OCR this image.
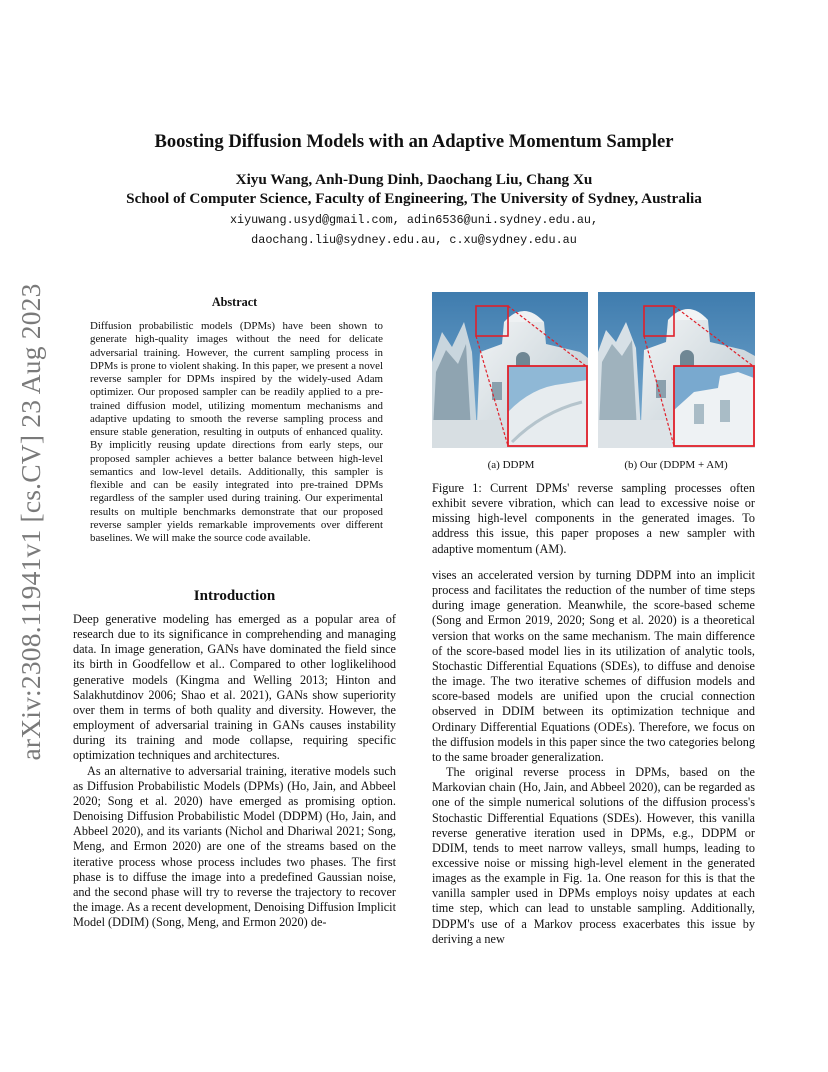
arXiv:2308.11941v1 [cs.CV] 23 Aug 2023
Boosting Diffusion Models with an Adaptive Momentum Sampler
Xiyu Wang, Anh-Dung Dinh, Daochang Liu, Chang Xu
School of Computer Science, Faculty of Engineering, The University of Sydney, Australia
xiyuwang.usyd@gmail.com, adin6536@uni.sydney.edu.au,
daochang.liu@sydney.edu.au, c.xu@sydney.edu.au
Abstract
Diffusion probabilistic models (DPMs) have been shown to generate high-quality images without the need for delicate adversarial training. However, the current sampling process in DPMs is prone to violent shaking. In this paper, we present a novel reverse sampler for DPMs inspired by the widely-used Adam optimizer. Our proposed sampler can be readily applied to a pre-trained diffusion model, utilizing momentum mechanisms and adaptive updating to smooth the reverse sampling process and ensure stable generation, resulting in outputs of enhanced quality. By implicitly reusing update directions from early steps, our proposed sampler achieves a better balance between high-level semantics and low-level details. Additionally, this sampler is flexible and can be easily integrated into pre-trained DPMs regardless of the sampler used during training. Our experimental results on multiple benchmarks demonstrate that our proposed reverse sampler yields remarkable improvements over different baselines. We will make the source code available.
Introduction

Deep generative modeling has emerged as a popular area of research due to its significance in comprehending and managing data. In image generation, GANs have dominated the field since its birth in Goodfellow et al.. Compared to other loglikelihood generative models (Kingma and Welling 2013; Hinton and Salakhutdinov 2006; Shao et al. 2021), GANs show superiority over them in terms of both quality and diversity. However, the employment of adversarial training in GANs causes instability during its training and mode collapse, requiring specific optimization techniques and architectures.

As an alternative to adversarial training, iterative models such as Diffusion Probabilistic Models (DPMs) (Ho, Jain, and Abbeel 2020; Song et al. 2020) have emerged as promising option. Denoising Diffusion Probabilistic Model (DDPM) (Ho, Jain, and Abbeel 2020), and its variants (Nichol and Dhariwal 2021; Song, Meng, and Ermon 2020) are one of the streams based on the iterative process whose process includes two phases. The first phase is to diffuse the image into a predefined Gaussian noise, and the second phase will try to reverse the trajectory to recover the image. As a recent development, Denoising Diffusion Implicit Model (DDIM) (Song, Meng, and Ermon 2020) de-

(a) DDPM	(b) Our (DDPM + AM)
Figure 1: Current DPMs' reverse sampling processes often exhibit severe vibration, which can lead to excessive noise or missing high-level components in the generated images. To address this issue, this paper proposes a new sampler with adaptive momentum (AM).

vises an accelerated version by turning DDPM into an implicit process and facilitates the reduction of the number of time steps during image generation. Meanwhile, the score-based scheme (Song and Ermon 2019, 2020; Song et al. 2020) is a theoretical version that works on the same mechanism. The main difference of the score-based model lies in its utilization of analytic tools, Stochastic Differential Equations (SDEs), to diffuse and denoise the image. The two iterative schemes of diffusion models and score-based models are unified upon the crucial connection observed in DDIM between its optimization technique and Ordinary Differential Equations (ODEs). Therefore, we focus on the diffusion models in this paper since the two categories belong to the same broader generalization.

The original reverse process in DPMs, based on the Markovian chain (Ho, Jain, and Abbeel 2020), can be regarded as one of the simple numerical solutions of the diffusion process's Stochastic Differential Equations (SDEs). However, this vanilla reverse generative iteration used in DPMs, e.g., DDPM or DDIM, tends to meet narrow valleys, small humps, leading to excessive noise or missing high-level element in the generated images as the example in Fig. 1a. One reason for this is that the vanilla sampler used in DPMs employs noisy updates at each time step, which can lead to unstable sampling. Additionally, DDPM's use of a Markov process exacerbates this issue by deriving a new
